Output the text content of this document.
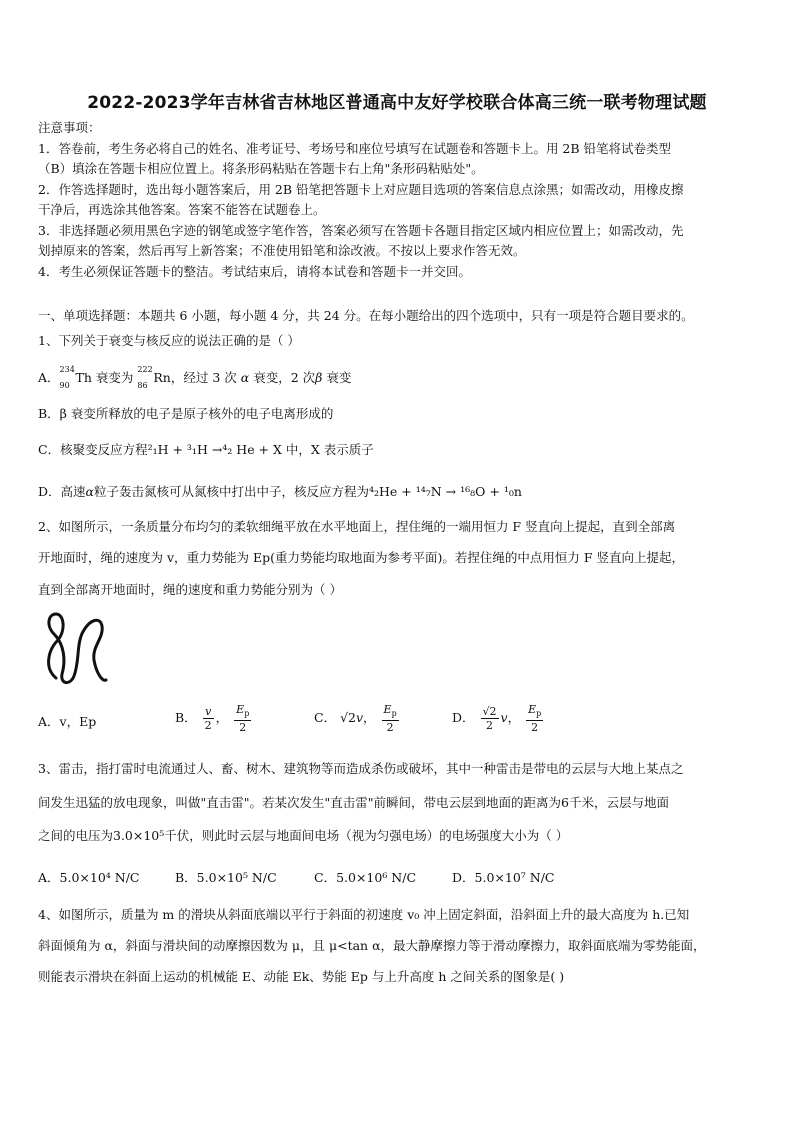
2022-2023学年吉林省吉林地区普通高中友好学校联合体高三统一联考物理试题
注意事项：
1．答卷前，考生务必将自己的姓名、准考证号、考场号和座位号填写在试题卷和答题卡上。用 2B 铅笔将试卷类型
（B）填涂在答题卡相应位置上。将条形码粘贴在答题卡右上角"条形码粘贴处"。
2．作答选择题时，选出每小题答案后，用 2B 铅笔把答题卡上对应题目选项的答案信息点涂黑；如需改动，用橡皮擦
干净后，再选涂其他答案。答案不能答在试题卷上。
3．非选择题必须用黑色字迹的钢笔或签字笔作答，答案必须写在答题卡各题目指定区域内相应位置上；如需改动，先
划掉原来的答案，然后再写上新答案；不准使用铅笔和涂改液。不按以上要求作答无效。
4．考生必须保证答题卡的整洁。考试结束后，请将本试卷和答题卡一并交回。
一、单项选择题：本题共 6 小题，每小题 4 分，共 24 分。在每小题给出的四个选项中，只有一项是符合题目要求的。
1、下列关于衰变与核反应的说法正确的是（ ）
A．
234
90
Th 衰变为
222
86
Rn，经过 3 次 α 衰变，2 次β 衰变
B．β 衰变所释放的电子是原子核外的电子电离形成的
C．核聚变反应方程²₁H + ³₁H →⁴₂ He + X 中，X 表示质子
D．高速α粒子轰击氮核可从氮核中打出中子，核反应方程为⁴₂He + ¹⁴₇N → ¹⁶₈O + ¹₀n
2、如图所示，一条质量分布均匀的柔软细绳平放在水平地面上，捏住绳的一端用恒力 F 竖直向上提起，直到全部离
开地面时，绳的速度为 v，重力势能为 Ep(重力势能均取地面为参考平面)。若捏住绳的中点用恒力 F 竖直向上提起，
直到全部离开地面时，绳的速度和重力势能分别为（ ）
A．v，Ep	B． $\frac{v}{2}$ ， $\frac{E_p}{2}$	C． √2v， $\frac{E_p}{2}$	D． $\frac{√2}{2}$ v， $\frac{E_p}{2}$
3、雷击，指打雷时电流通过人、畜、树木、建筑物等而造成杀伤或破坏，其中一种雷击是带电的云层与大地上某点之
间发生迅猛的放电现象，叫做"直击雷"。若某次发生"直击雷"前瞬间，带电云层到地面的距离为6千米，云层与地面
之间的电压为3.0×10⁵千伏，则此时云层与地面间电场（视为匀强电场）的电场强度大小为（ ）
A．5.0×10⁴ N/C	B．5.0×10⁵ N/C	C．5.0×10⁶ N/C	D．5.0×10⁷ N/C
4、如图所示，质量为 m 的滑块从斜面底端以平行于斜面的初速度 v₀ 冲上固定斜面，沿斜面上升的最大高度为 h.已知
斜面倾角为 α，斜面与滑块间的动摩擦因数为 μ，且 μ<tan α，最大静摩擦力等于滑动摩擦力，取斜面底端为零势能面，
则能表示滑块在斜面上运动的机械能 E、动能 Ek、势能 Ep 与上升高度 h 之间关系的图象是( )
